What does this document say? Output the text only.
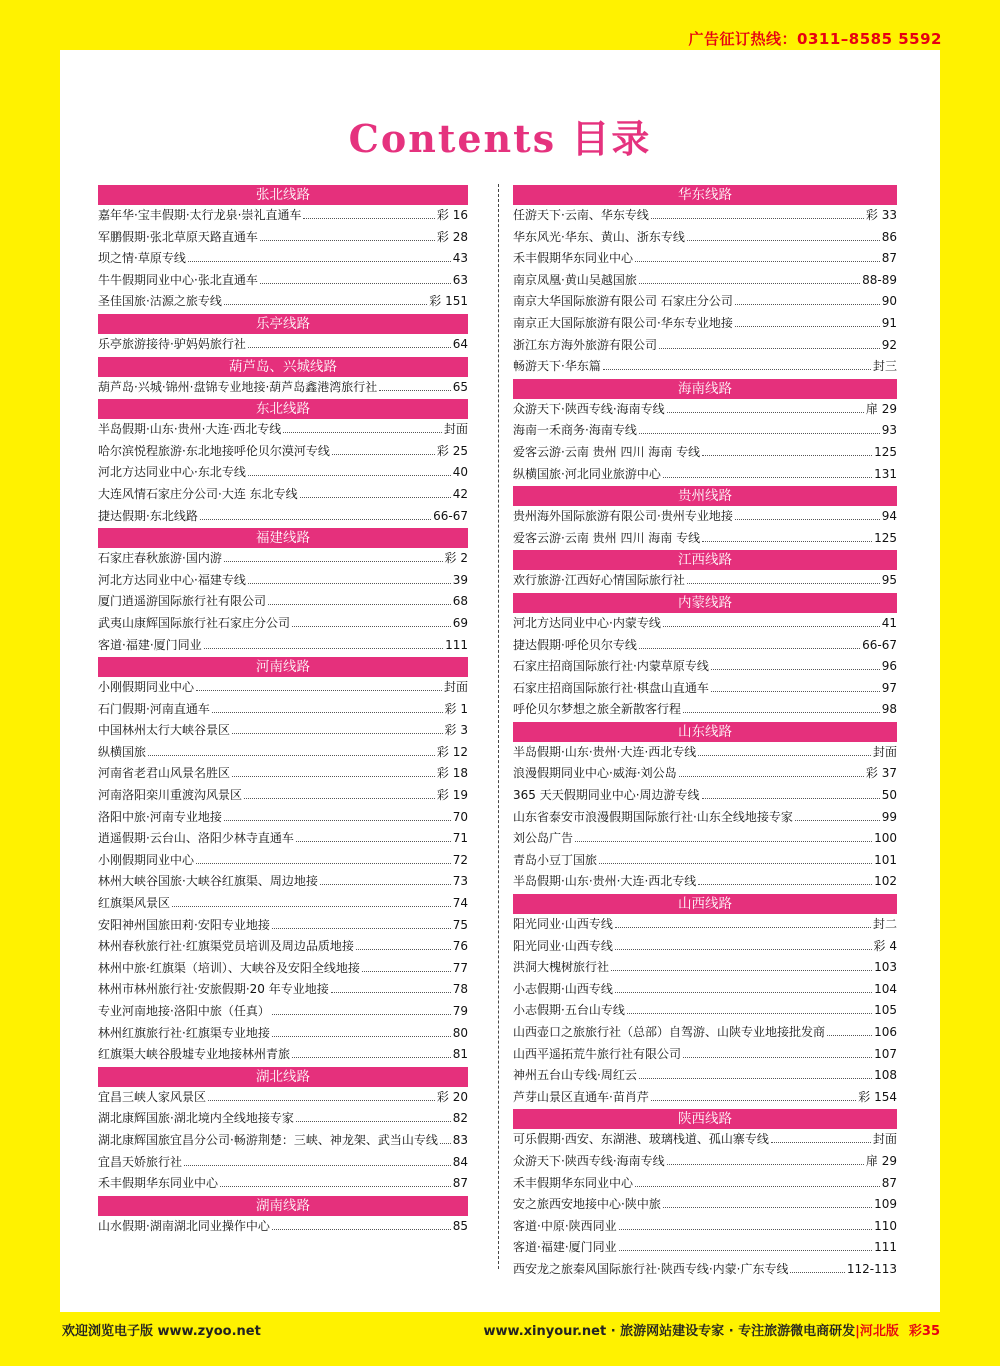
广告征订热线：0311–8585 5592
Contents 目录
张北线路
嘉年华·宝丰假期·太行龙泉·崇礼直通车	彩 16
军鹏假期·张北草原天路直通车	彩 28
坝之情·草原专线	43
牛牛假期同业中心·张北直通车	63
圣佳国旅·沽源之旅专线	彩 151
乐亭线路
乐亭旅游接待·驴妈妈旅行社	64
葫芦岛、兴城线路
葫芦岛·兴城·锦州·盘锦专业地接·葫芦岛鑫港湾旅行社	65
东北线路
半岛假期·山东·贵州·大连·西北专线	封面
哈尔滨悦程旅游·东北地接呼伦贝尔漠河专线	彩 25
河北方达同业中心·东北专线	40
大连风情石家庄分公司·大连 东北专线	42
捷达假期·东北线路	66-67
福建线路
石家庄春秋旅游·国内游	彩 2
河北方达同业中心·福建专线	39
厦门逍遥游国际旅行社有限公司	68
武夷山康辉国际旅行社石家庄分公司	69
客道·福建·厦门同业	111
河南线路
小刚假期同业中心	封面
石门假期·河南直通车	彩 1
中国林州太行大峡谷景区	彩 3
纵横国旅	彩 12
河南省老君山风景名胜区	彩 18
河南洛阳栾川重渡沟风景区	彩 19
洛阳中旅·河南专业地接	70
逍遥假期·云台山、洛阳少林寺直通车	71
小刚假期同业中心	72
林州大峡谷国旅·大峡谷红旗渠、周边地接	73
红旗渠风景区	74
安阳神州国旅田莉·安阳专业地接	75
林州春秋旅行社·红旗渠党员培训及周边品质地接	76
林州中旅·红旗渠（培训）、大峡谷及安阳全线地接	77
林州市林州旅行社·安旅假期·20 年专业地接	78
专业河南地接·洛阳中旅（任真）	79
林州红旗旅行社·红旗渠专业地接	80
红旗渠大峡谷殷墟专业地接林州青旅	81
湖北线路
宜昌三峡人家风景区	彩 20
湖北康辉国旅·湖北境内全线地接专家	82
湖北康辉国旅宜昌分公司·畅游荆楚：三峡、神龙架、武当山专线 83
宜昌天娇旅行社	84
禾丰假期华东同业中心	87
湖南线路
山水假期·湖南湖北同业操作中心	85
华东线路
任游天下·云南、华东专线	彩 33
华东风光·华东、黄山、浙东专线	86
禾丰假期华东同业中心	87
南京凤凰·黄山吴越国旅	88-89
南京大华国际旅游有限公司 石家庄分公司	90
南京正大国际旅游有限公司·华东专业地接	91
浙江东方海外旅游有限公司	92
畅游天下·华东篇	封三
海南线路
众游天下·陕西专线·海南专线	扉 29
海南一禾商务·海南专线	93
爱客云游·云南 贵州 四川 海南 专线	125
纵横国旅·河北同业旅游中心	131
贵州线路
贵州海外国际旅游有限公司·贵州专业地接	94
爱客云游·云南 贵州 四川 海南 专线	125
江西线路
欢行旅游·江西好心情国际旅行社	95
内蒙线路
河北方达同业中心·内蒙专线	41
捷达假期·呼伦贝尔专线	66-67
石家庄招商国际旅行社·内蒙草原专线	96
石家庄招商国际旅行社·棋盘山直通车	97
呼伦贝尔梦想之旅全新散客行程	98
山东线路
半岛假期·山东·贵州·大连·西北专线	封面
浪漫假期同业中心·威海·刘公岛	彩 37
365 天天假期同业中心·周边游专线	50
山东省泰安市浪漫假期国际旅行社·山东全线地接专家	99
刘公岛广告	100
青岛小豆丁国旅	101
半岛假期·山东·贵州·大连·西北专线	102
山西线路
阳光同业·山西专线	封二
阳光同业·山西专线	彩 4
洪洞大槐树旅行社	103
小志假期·山西专线	104
小志假期·五台山专线	105
山西壶口之旅旅行社（总部）自驾游、山陕专业地接批发商	106
山西平遥拓荒牛旅行社有限公司	107
神州五台山专线·周红云	108
芦芽山景区直通车·苗肖芹	彩 154
陕西线路
可乐假期·西安、东湖港、玻璃栈道、孤山寨专线	封面
众游天下·陕西专线·海南专线	扉 29
禾丰假期华东同业中心	87
安之旅西安地接中心·陕中旅	109
客道·中原·陕西同业	110
客道·福建·厦门同业	111
西安龙之旅秦风国际旅行社·陕西专线·内蒙·广东专线	112-113
欢迎浏览电子版 www.zyoo.net	www.xinyour.net · 旅游网站建设专家 · 专注旅游微电商研发|河北版 彩35
